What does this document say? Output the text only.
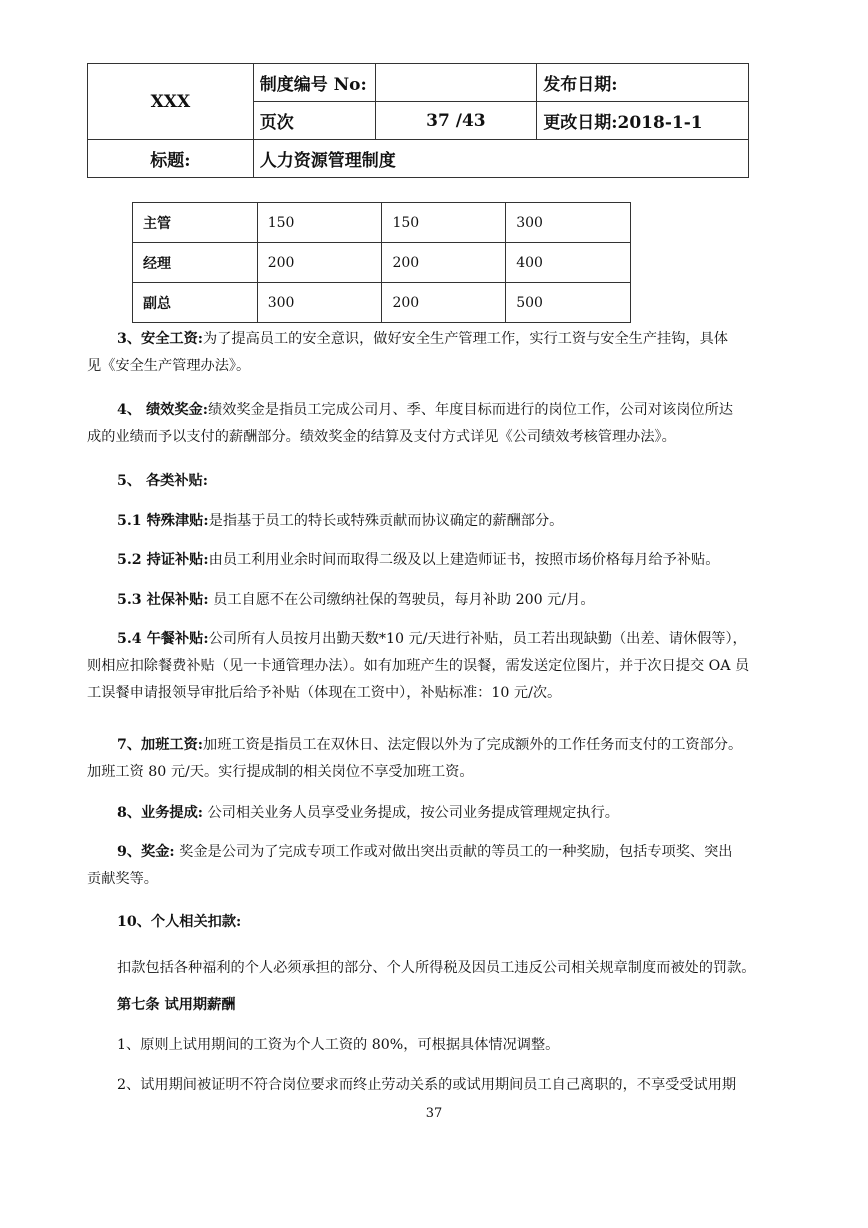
XXX	制度编号 No:		发布日期:
	页次	37 /43	更改日期:2018-1-1
标题:	人力资源管理制度		
主管	150	150	300
经理	200	200	400
副总	300	200	500
3、安全工资:为了提高员工的安全意识，做好安全生产管理工作，实行工资与安全生产挂钩，具体
见《安全生产管理办法》。
4、 绩效奖金:绩效奖金是指员工完成公司月、季、年度目标而进行的岗位工作，公司对该岗位所达
成的业绩而予以支付的薪酬部分。绩效奖金的结算及支付方式详见《公司绩效考核管理办法》。
5、 各类补贴:
5.1 特殊津贴:是指基于员工的特长或特殊贡献而协议确定的薪酬部分。
5.2 持证补贴:由员工利用业余时间而取得二级及以上建造师证书，按照市场价格每月给予补贴。
5.3 社保补贴: 员工自愿不在公司缴纳社保的驾驶员，每月补助 200 元/月。
5.4 午餐补贴:公司所有人员按月出勤天数*10 元/天进行补贴，员工若出现缺勤（出差、请休假等），
则相应扣除餐费补贴（见一卡通管理办法）。如有加班产生的误餐，需发送定位图片，并于次日提交 OA 员
工误餐申请报领导审批后给予补贴（体现在工资中），补贴标准：10 元/次。
7、加班工资:加班工资是指员工在双休日、法定假以外为了完成额外的工作任务而支付的工资部分。
加班工资 80 元/天。实行提成制的相关岗位不享受加班工资。
8、业务提成: 公司相关业务人员享受业务提成，按公司业务提成管理规定执行。
9、奖金: 奖金是公司为了完成专项工作或对做出突出贡献的等员工的一种奖励，包括专项奖、突出
贡献奖等。
10、个人相关扣款:
扣款包括各种福利的个人必须承担的部分、个人所得税及因员工违反公司相关规章制度而被处的罚款。
第七条 试用期薪酬
1、原则上试用期间的工资为个人工资的 80%，可根据具体情况调整。
2、试用期间被证明不符合岗位要求而终止劳动关系的或试用期间员工自己离职的，不享受受试用期
37
